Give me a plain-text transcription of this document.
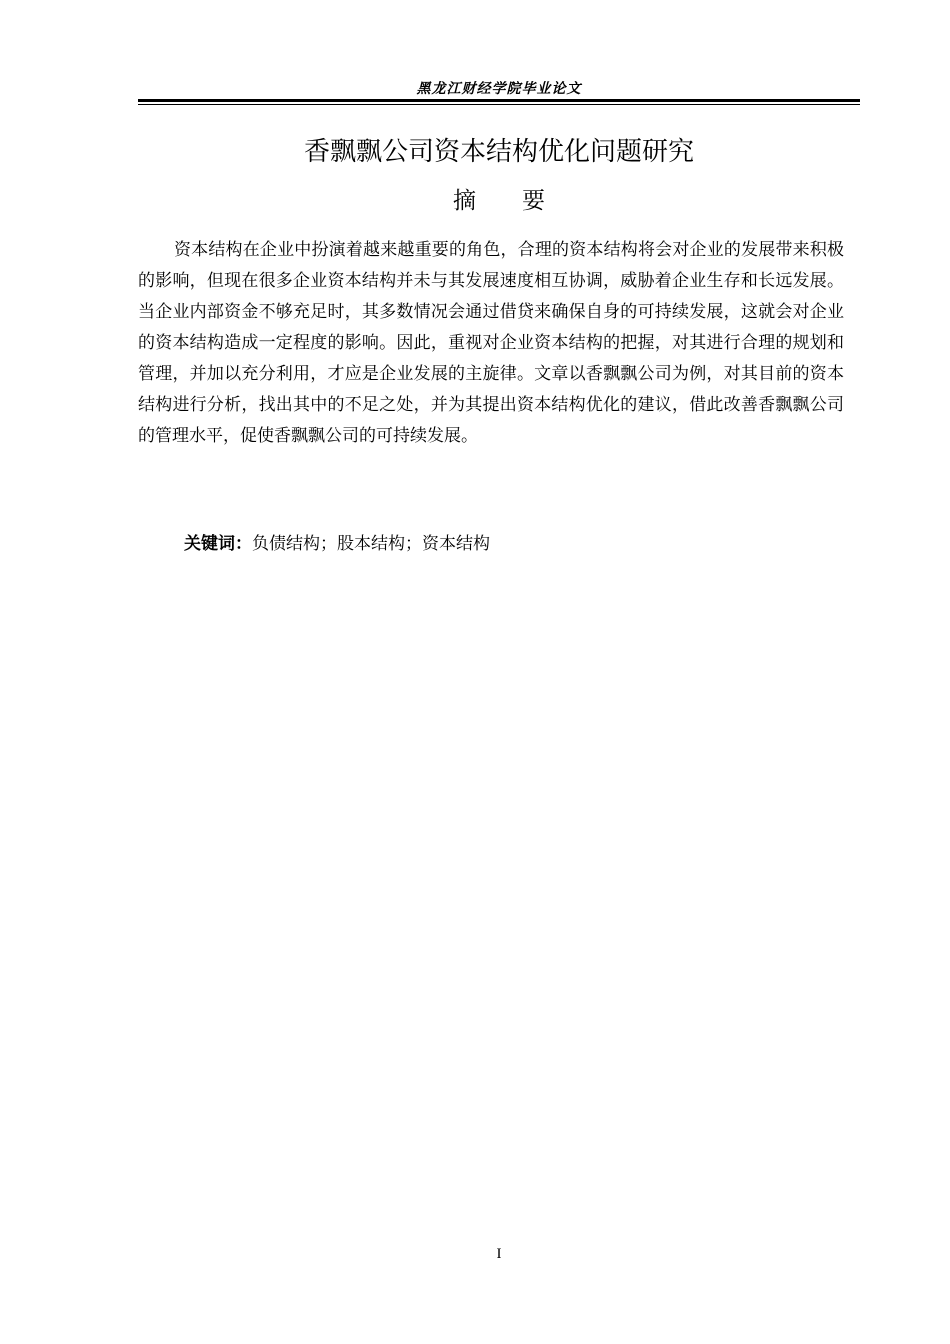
黑龙江财经学院毕业论文
香飘飘公司资本结构优化问题研究
摘要

资本结构在企业中扮演着越来越重要的角色，合理的资本结构将会对企业的发展带来积极的影响，但现在很多企业资本结构并未与其发展速度相互协调，威胁着企业生存和长远发展。当企业内部资金不够充足时，其多数情况会通过借贷来确保自身的可持续发展，这就会对企业的资本结构造成一定程度的影响。因此，重视对企业资本结构的把握，对其进行合理的规划和管理，并加以充分利用，才应是企业发展的主旋律。文章以香飘飘公司为例，对其目前的资本结构进行分析，找出其中的不足之处，并为其提出资本结构优化的建议，借此改善香飘飘公司的管理水平，促使香飘飘公司的可持续发展。

关键词：负债结构；股本结构；资本结构
I
